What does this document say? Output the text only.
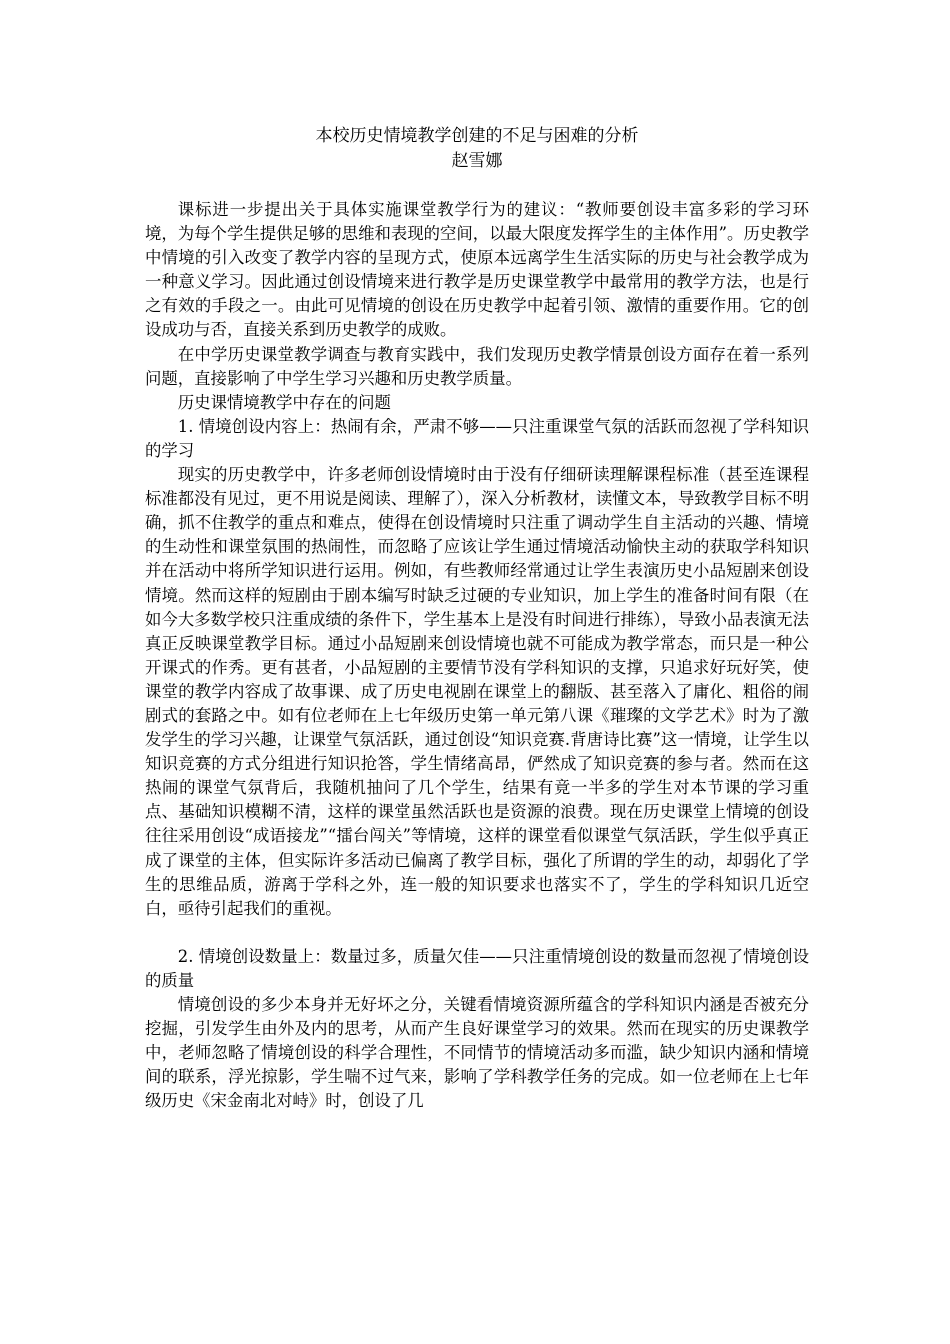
本校历史情境教学创建的不足与困难的分析
赵雪娜

课标进一步提出关于具体实施课堂教学行为的建议：“教师要创设丰富多彩的学习环境，为每个学生提供足够的思维和表现的空间，以最大限度发挥学生的主体作用”。历史教学中情境的引入改变了教学内容的呈现方式，使原本远离学生生活实际的历史与社会教学成为一种意义学习。因此通过创设情境来进行教学是历史课堂教学中最常用的教学方法，也是行之有效的手段之一。由此可见情境的创设在历史教学中起着引领、激情的重要作用。它的创设成功与否，直接关系到历史教学的成败。

在中学历史课堂教学调查与教育实践中，我们发现历史教学情景创设方面存在着一系列问题，直接影响了中学生学习兴趣和历史教学质量。

历史课情境教学中存在的问题

1. 情境创设内容上：热闹有余，严肃不够——只注重课堂气氛的活跃而忽视了学科知识的学习

现实的历史教学中，许多老师创设情境时由于没有仔细研读理解课程标准（甚至连课程标准都没有见过，更不用说是阅读、理解了），深入分析教材，读懂文本，导致教学目标不明确，抓不住教学的重点和难点，使得在创设情境时只注重了调动学生自主活动的兴趣、情境的生动性和课堂氛围的热闹性，而忽略了应该让学生通过情境活动愉快主动的获取学科知识并在活动中将所学知识进行运用。例如，有些教师经常通过让学生表演历史小品短剧来创设情境。然而这样的短剧由于剧本编写时缺乏过硬的专业知识，加上学生的准备时间有限（在如今大多数学校只注重成绩的条件下，学生基本上是没有时间进行排练），导致小品表演无法真正反映课堂教学目标。通过小品短剧来创设情境也就不可能成为教学常态，而只是一种公开课式的作秀。更有甚者，小品短剧的主要情节没有学科知识的支撑，只追求好玩好笑，使课堂的教学内容成了故事课、成了历史电视剧在课堂上的翻版、甚至落入了庸化、粗俗的闹剧式的套路之中。如有位老师在上七年级历史第一单元第八课《璀璨的文学艺术》时为了激发学生的学习兴趣，让课堂气氛活跃，通过创设“知识竞赛.背唐诗比赛”这一情境，让学生以知识竞赛的方式分组进行知识抢答，学生情绪高昂，俨然成了知识竞赛的参与者。然而在这热闹的课堂气氛背后，我随机抽问了几个学生，结果有竟一半多的学生对本节课的学习重点、基础知识模糊不清，这样的课堂虽然活跃也是资源的浪费。现在历史课堂上情境的创设往往采用创设“成语接龙”“擂台闯关”等情境，这样的课堂看似课堂气氛活跃，学生似乎真正成了课堂的主体，但实际许多活动已偏离了教学目标，强化了所谓的学生的动，却弱化了学生的思维品质，游离于学科之外，连一般的知识要求也落实不了，学生的学科知识几近空白，亟待引起我们的重视。

2. 情境创设数量上：数量过多，质量欠佳——只注重情境创设的数量而忽视了情境创设的质量

情境创设的多少本身并无好坏之分，关键看情境资源所蕴含的学科知识内涵是否被充分挖掘，引发学生由外及内的思考，从而产生良好课堂学习的效果。然而在现实的历史课教学中，老师忽略了情境创设的科学合理性，不同情节的情境活动多而滥，缺少知识内涵和情境间的联系，浮光掠影，学生喘不过气来，影响了学科教学任务的完成。如一位老师在上七年级历史《宋金南北对峙》时，创设了几
